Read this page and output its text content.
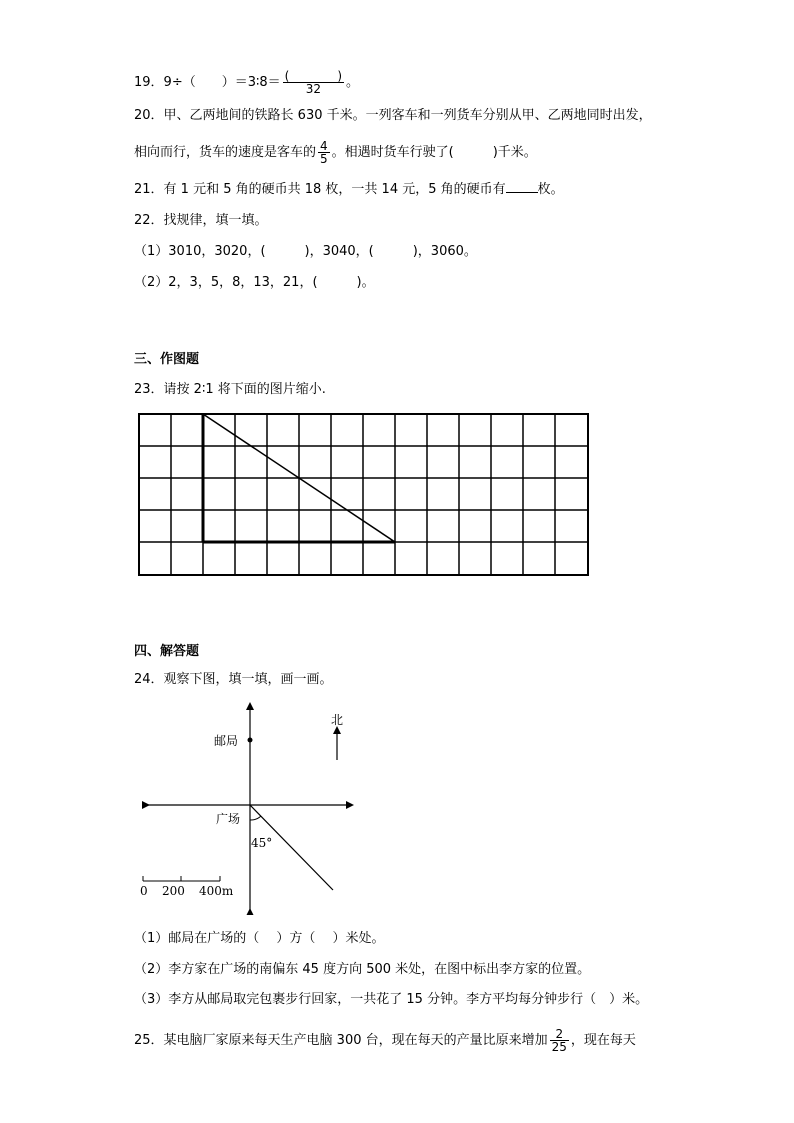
19．9÷（　　）＝3∶8＝ $\frac{( )}{32}$ 。
20．甲、乙两地间的铁路长 630 千米。一列客车和一列货车分别从甲、乙两地同时出发，
相向而行，货车的速度是客车的 $\frac{4}{5}$ 。相遇时货车行驶了(　　　)千米。
21．有 1 元和 5 角的硬币共 18 枚，一共 14 元，5 角的硬币有 枚。
22．找规律，填一填。
（1）3010，3020，(　　　)，3040，(　　　)，3060。
（2）2，3，5，8，13，21，(　　　)。
三、作图题
23．请按 2∶1 将下面的图片缩小.
四、解答题
24．观察下图，填一填，画一画。
邮局
广场
45°
北
0 200 400m
（1）邮局在广场的（　 ）方（　 ）米处。
（2）李方家在广场的南偏东 45 度方向 500 米处，在图中标出李方家的位置。
（3）李方从邮局取完包裹步行回家，一共花了 15 分钟。李方平均每分钟步行（　）米。
25．某电脑厂家原来每天生产电脑 300 台，现在每天的产量比原来增加 $\frac{2}{25}$ ，现在每天
